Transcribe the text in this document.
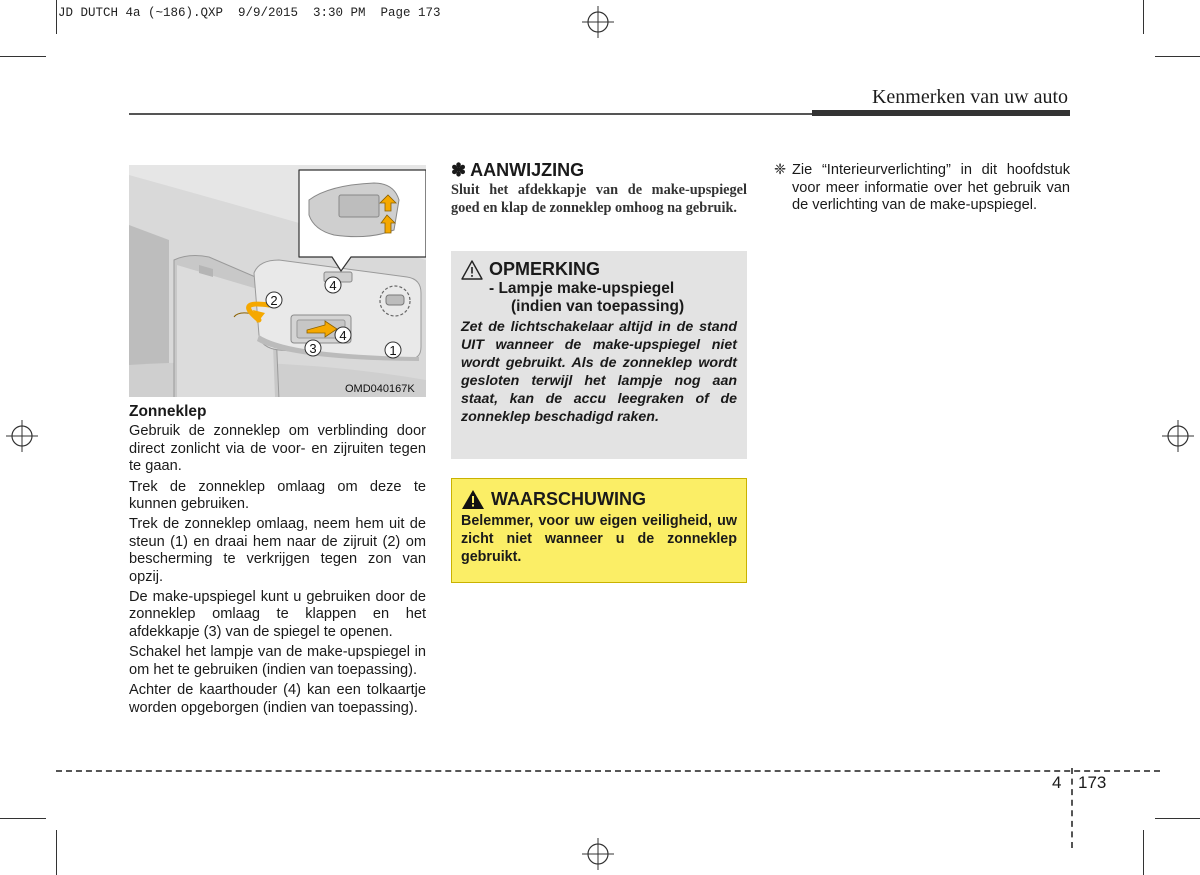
JD DUTCH 4a (~186).QXP  9/9/2015  3:30 PM  Page 173
Kenmerken van uw auto
1
2
3
4
4
OMD040167K
Zonneklep

Gebruik de zonneklep om verblinding door direct zonlicht via de voor- en zijruiten tegen te gaan.

Trek de zonneklep omlaag om deze te kunnen gebruiken.

Trek de zonneklep omlaag, neem hem uit de steun (1) en draai hem naar de zijruit (2) om bescherming te verkrijgen tegen zon van opzij.

De make-upspiegel kunt u gebruiken door de zonneklep omlaag te klappen en het afdekkapje (3) van de spiegel te openen.

Schakel het lampje van de make-upspiegel in om het te gebruiken (indien van toepassing).

Achter de kaarthouder (4) kan een tolkaartje worden opgeborgen (indien van toepassing).

✽ AANWIJZING
Sluit het afdekkapje van de make-upspiegel goed en klap de zonneklep omhoog na gebruik.
OPMERKING
- Lampje make-upspiegel
(indien van toepassing)
Zet de lichtschakelaar altijd in de stand UIT wanneer de make-upspiegel niet wordt gebruikt. Als de zonneklep wordt gesloten terwijl het lampje nog aan staat, kan de accu leegraken of de zonneklep beschadigd raken.
WAARSCHUWING
Belemmer, voor uw eigen veiligheid, uw zicht niet wanneer u de zonneklep gebruikt.
❈ Zie “Interieurverlichting” in dit hoofdstuk voor meer informatie over het gebruik van de verlichting van de make-upspiegel.
4 173
